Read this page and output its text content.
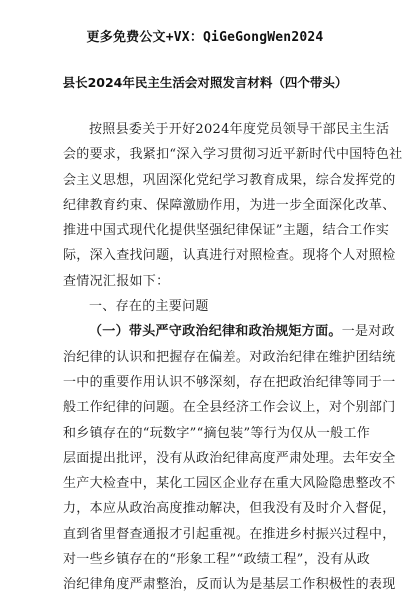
更多免费公文+VX：QiGeGongWen2024
县长2024年民主生活会对照发言材料（四个带头）
按照县委关于开好2024年度党员领导干部民主生活
会的要求，我紧扣“深入学习贯彻习近平新时代中国特色社
会主义思想，巩固深化党纪学习教育成果，综合发挥党的
纪律教育约束、保障激励作用，为进一步全面深化改革、
推进中国式现代化提供坚强纪律保证”主题，结合工作实
际，深入查找问题，认真进行对照检查。现将个人对照检
查情况汇报如下：
一、存在的主要问题
（一）带头严守政治纪律和政治规矩方面。一是对政
治纪律的认识和把握存在偏差。对政治纪律在维护团结统
一中的重要作用认识不够深刻，存在把政治纪律等同于一
般工作纪律的问题。在全县经济工作会议上，对个别部门
和乡镇存在的“玩数字”“摘包装”等行为仅从一般工作
层面提出批评，没有从政治纪律高度严肃处理。去年安全
生产大检查中，某化工园区企业存在重大风险隐患整改不
力，本应从政治高度推动解决，但我没有及时介入督促，
直到省里督查通报才引起重视。在推进乡村振兴过程中，
对一些乡镇存在的“形象工程”“政绩工程”，没有从政
治纪律角度严肃整治，反而认为是基层工作积极性的表现
